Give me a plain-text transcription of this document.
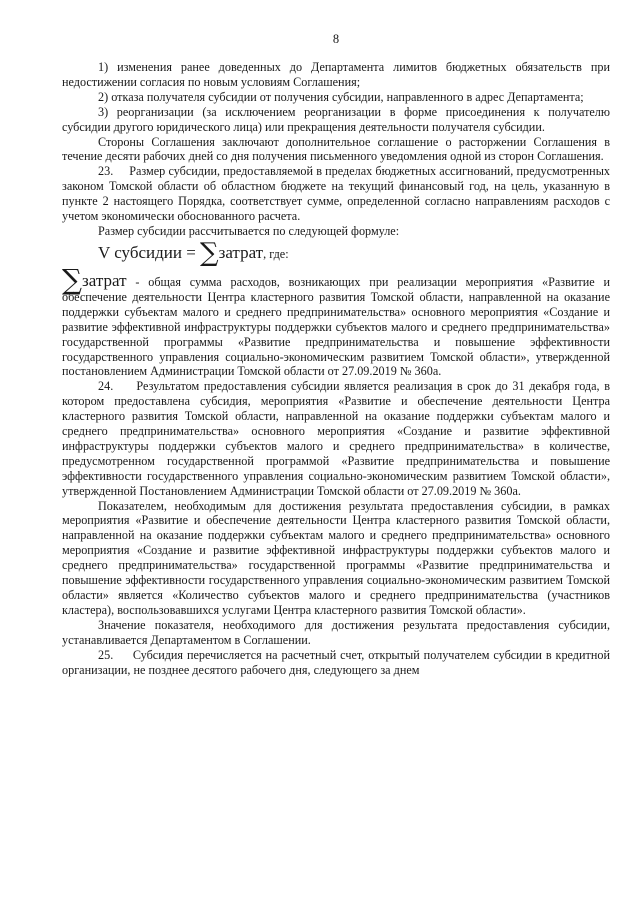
8

1) изменения ранее доведенных до Департамента лимитов бюджетных обязательств при недостижении согласия по новым условиям Соглашения;

2) отказа получателя субсидии от получения субсидии, направленного в адрес Департамента;

3) реорганизации (за исключением реорганизации в форме присоединения к получателю субсидии другого юридического лица) или прекращения деятельности получателя субсидии.

Стороны Соглашения заключают дополнительное соглашение о расторжении Соглашения в течение десяти рабочих дней со дня получения письменного уведомления одной из сторон Соглашения.

23.     Размер субсидии, предоставляемой в пределах бюджетных ассигнований, предусмотренных законом Томской области об областном бюджете на текущий финансовый год, на цель, указанную в пункте 2 настоящего Порядка, соответствует сумме, определенной согласно направлениям расходов с учетом экономически обоснованного расчета.

Размер субсидии рассчитывается по следующей формуле:

V субсидии = ∑затрат, где:

∑затрат - общая сумма расходов, возникающих при реализации мероприятия «Развитие и обеспечение деятельности Центра кластерного развития Томской области, направленной на оказание поддержки субъектам малого и среднего предпринимательства» основного мероприятия «Создание и развитие эффективной инфраструктуры поддержки субъектов малого и среднего предпринимательства» государственной программы «Развитие предпринимательства и повышение эффективности государственного управления социально-экономическим развитием Томской области», утвержденной постановлением Администрации Томской области от 27.09.2019 № 360а.

24.     Результатом предоставления субсидии является реализация в срок до 31 декабря года, в котором предоставлена субсидия, мероприятия «Развитие и обеспечение деятельности Центра кластерного развития Томской области, направленной на оказание поддержки субъектам малого и среднего предпринимательства» основного мероприятия «Создание и развитие эффективной инфраструктуры поддержки субъектов малого и среднего предпринимательства» в количестве, предусмотренном государственной программой «Развитие предпринимательства и повышение эффективности государственного управления социально-экономическим развитием Томской области», утвержденной Постановлением Администрации Томской области от 27.09.2019 № 360а.

Показателем, необходимым для достижения результата предоставления субсидии, в рамках мероприятия «Развитие и обеспечение деятельности Центра кластерного развития Томской области, направленной на оказание поддержки субъектам малого и среднего предпринимательства» основного мероприятия «Создание и развитие эффективной инфраструктуры поддержки субъектов малого и среднего предпринимательства» государственной программы «Развитие предпринимательства и повышение эффективности государственного управления социально-экономическим развитием Томской области» является «Количество субъектов малого и среднего предпринимательства (участников кластера), воспользовавшихся услугами Центра кластерного развития Томской области».

Значение показателя, необходимого для достижения результата предоставления субсидии, устанавливается Департаментом в Соглашении.

25.     Субсидия перечисляется на расчетный счет, открытый получателем субсидии в кредитной организации, не позднее десятого рабочего дня, следующего за днем
